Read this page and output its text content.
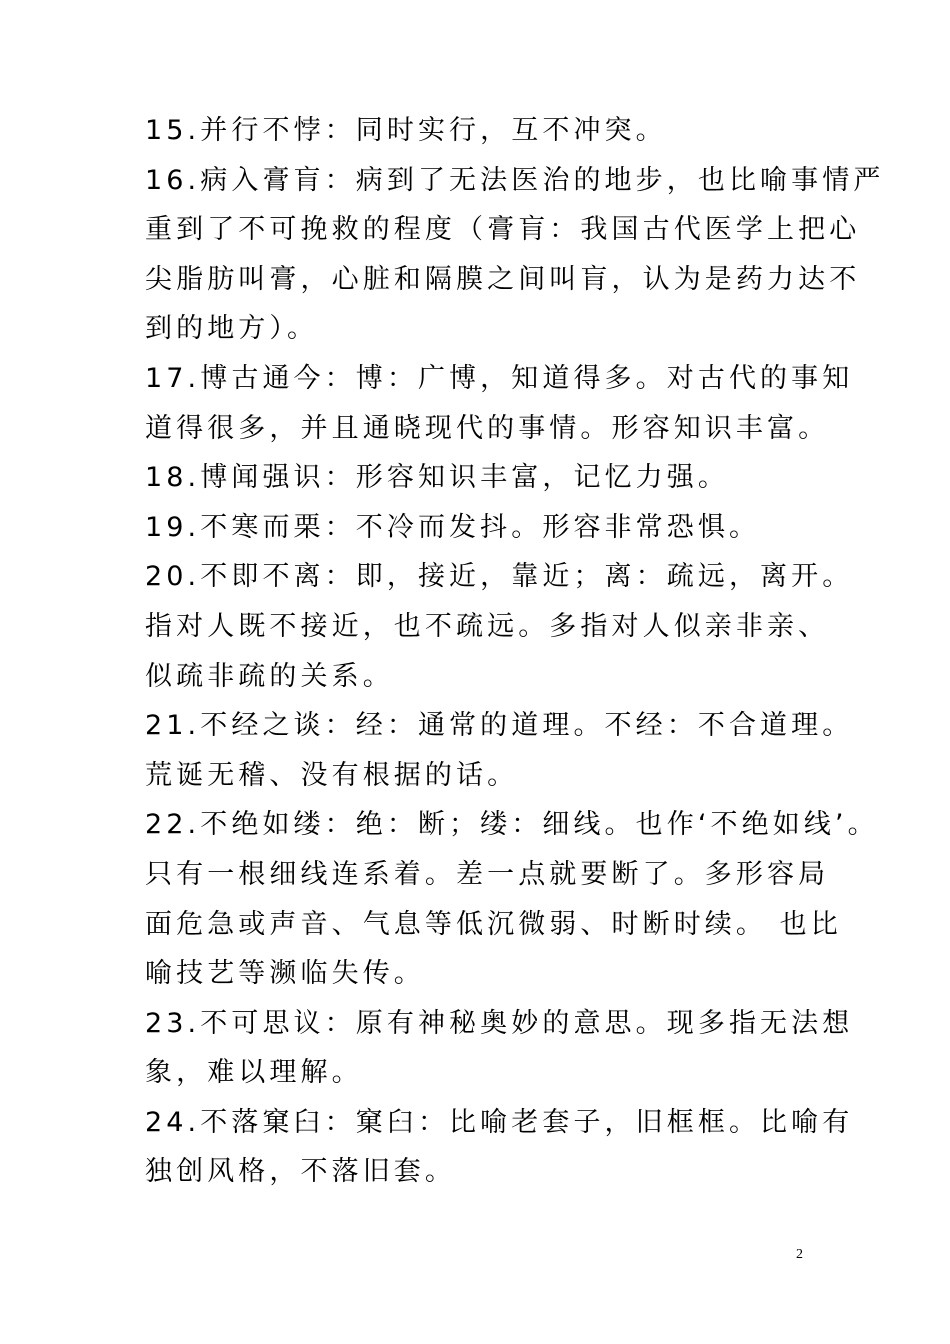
15.并行不悖：同时实行，互不冲突。
16.病入膏肓：病到了无法医治的地步，也比喻事情严
重到了不可挽救的程度（膏肓：我国古代医学上把心
尖脂肪叫膏，心脏和隔膜之间叫肓，认为是药力达不
到的地方）。
17.博古通今：博：广博，知道得多。对古代的事知
道得很多，并且通晓现代的事情。形容知识丰富。
18.博闻强识：形容知识丰富，记忆力强。
19.不寒而栗：不冷而发抖。形容非常恐惧。
20.不即不离：即，接近，靠近；离：疏远，离开。
指对人既不接近，也不疏远。多指对人似亲非亲、
似疏非疏的关系。
21.不经之谈：经：通常的道理。不经：不合道理。
荒诞无稽、没有根据的话。
22.不绝如缕：绝：断；缕：细线。也作‘不绝如线’。
只有一根细线连系着。差一点就要断了。多形容局
面危急或声音、气息等低沉微弱、时断时续。 也比
喻技艺等濒临失传。
23.不可思议：原有神秘奥妙的意思。现多指无法想
象，难以理解。
24.不落窠臼：窠臼：比喻老套子，旧框框。比喻有
独创风格，不落旧套。
2
